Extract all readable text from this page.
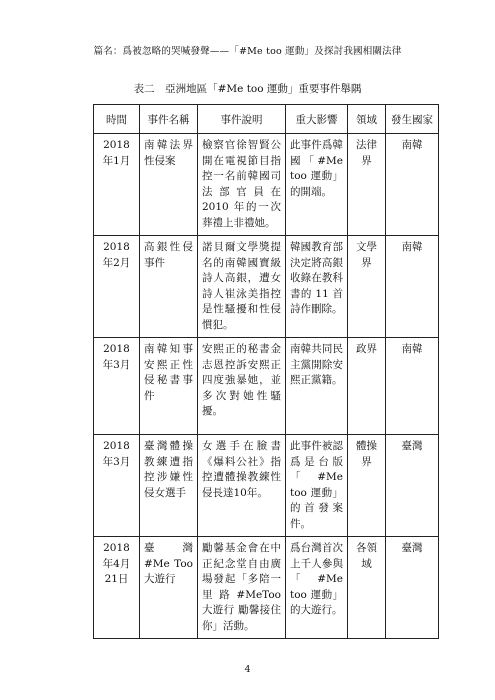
篇名：爲被忽略的哭喊發聲——「#Me too 運動」及探討我國相關法律
表二　亞洲地區「#Me too 運動」重要事件舉隅
時間	事件名稱	事件說明	重大影響	領域	發生國家
2018年1月	南韓法界性侵案	檢察官徐智賢公開在電視節目指控一名前韓國司法部官員在 2010 年的一次葬禮上非禮她。	此事件爲韓國「#Me too 運動」的開端。	法律界	南韓
2018年2月	高銀性侵事件	諾貝爾文學獎提名的南韓國寶級詩人高銀，遭女詩人崔泳美指控是性騷擾和性侵慣犯。	韓國教育部決定將高銀收錄在教科書的 11 首詩作刪除。	文學界	南韓
2018年3月	南韓知事安熙正性侵秘書事件	安熙正的秘書金志恩控訴安熙正四度強暴她，並多次對她性騷擾。	南韓共同民主黨開除安熙正黨籍。	政界	南韓
2018年3月	臺灣體操教練遭指控涉嫌性侵女選手	女選手在臉書《爆料公社》指控遭體操教練性侵長達10年。	此事件被認爲是台版「#Me too 運動」的首發案件。	體操界	臺灣
2018年4月21日	臺灣 #Me Too 大遊行	勵馨基金會在中正紀念堂自由廣場發起「多陪一里路#MeToo 大遊行 勵馨接住你」活動。	爲台灣首次上千人參與「#Me too 運動」的大遊行。	各領域	臺灣
4
